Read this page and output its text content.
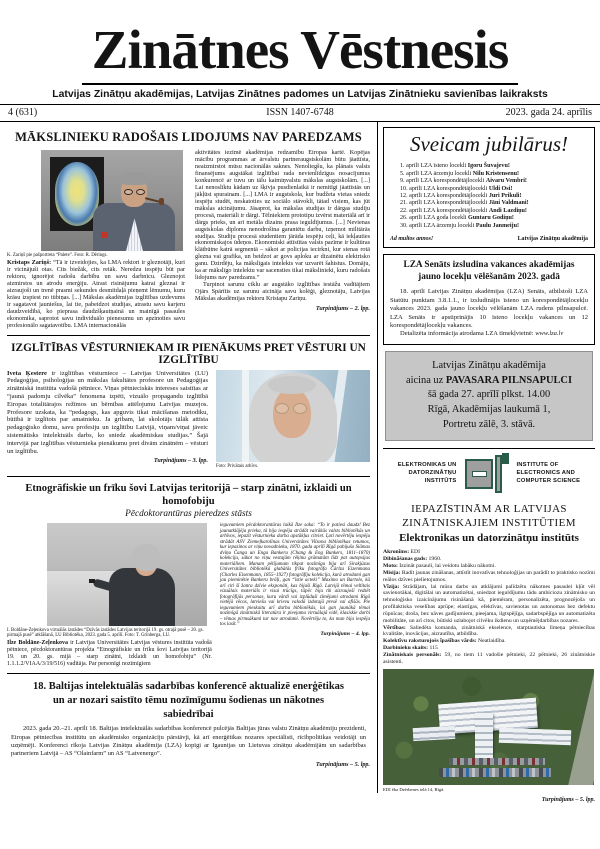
Zinātnes Vēstnesis
Latvijas Zinātņu akadēmijas, Latvijas Zinātnes padomes un Latvijas Zinātnieku savienības laikraksts
4 (631)	ISSN 1407-6748	2023. gada 24. aprīlis
MĀKSLINIEKU RADOŠAIS LIDOJUMS NAV PAREDZAMS
K. Zariņš pie pašportreta “Palete”. Foto: R. Dērings.

Kristaps Zariņš: “Tā ir izveidojies, ka LMA rektori ir gleznotāji, kuri ir vicinājuši otas. Cits biežāk, cits retāk. Neredzu iespēju būt par rektoru, ignorējot radošu darbību un savu darbnīcu. Gleznojot aizmirstos un atrodu enerģiju. Atrast risinājumu katrai gleznai ir aizraujoši un trenē prasmi sekundes desmitdaļā pieņemt lēmumu, kuru krāsu izspiest no tūbiņas. [...] Mākslas akadēmijas izglītības uzdevums ir sagatavot jauniešus, lai tie, pabeidzot studijas, atrastu savu karjeru daudzveidībā, ko pieprasa daudzšķautņainā un mainīgā pasaules ekonomika, saprotot savu individuālo pienesumu un apzinoties savu profesionālo sagatavotību. LMA internacionālās

aktivitātes iezīmē akadēmijas redzamību Eiropas kartē. Kopējas mācību programmas ar ārvalstu partneraugstskolām būtu jāattīsta, neaizmirstot mūsu nacionālās saknes. Nenoliegšu, ka plānais valsts finansējums augstākai izglītībai rada nevienlīdzīgus nosacījumus konkurencē ar tuvu un tālu kaimiņvalstu mākslas augstskolām. [...] Lai nenoslīktu kādam uz šķīvja pusdienlaikā ir nemitīgi jāattīstās un jākļūst spurainam. [...] LMA ir augstskola, kur budžeta vietas sniedz iespēju studēt, neskatoties uz sociālo stāvokli, tātad visiem, kas jūt mākslas aicinājumu. Jāsaprot, ka mākslas studijas ir dārgas studiju procesā, materiāli ir dārgi. Tēlniekiem prototipu izvērst materiālā arī ir dārgs prieks, un arī metāla dizains prasa ieguldījumus. [...] Nevienas augstskolas diploms nenodrošina garantētu darbu, izņemot militārās studijas. Studiju procesā studentiem jārāda iespēju ceļi, kā iekļauties ekonomiskajos ūdeņos. Ekonomiski attīstītas valsts pazīme ir kultūras klātbūtne katrā segmentā – sākot ar policijas iecirkni, kur sienas rotā glezna vai grafika, un beidzot ar govs aploku ar dizainētu elektrisko ganu. Dzirdēju, ka mākslīgais intelekts var uzvarēt šahistus. Domāju, ka ar mākslīgo intelektu var sacensties tikai mākslinieki, kuru radošais lidojums nav paredzams.”

Turpinot sarunu ciklu ar augstāko izglītības iestāžu vadītājiem Ojārs Spārītis uz sarunu aicināja savu kolēģi, gleznotāju, Latvijas Mākslas akadēmijas rektoru Kristapu Zariņu.

Turpinājums – 2. lpp.
IZGLĪTĪBAS VĒSTURNIEKAM IR PIENĀKUMS PRET VĒSTURI UN IZGLĪTĪBU

Iveta Ķestere ir izglītības vēsturniece – Latvijas Universitātes (LU) Pedagoģijas, psiholoģijas un mākslas fakultātes profesore un Pedagoģijas zinātniskā institūta vadošā pētniece. Viņas pētnieciskās intereses saistītas ar “jaunā padomju cilvēka” fenomena izpēti, vizuālo propagandu izglītībā Eiropas totalitārajos režīmos un bērnības attēlojumu Latvijas muzejos. Profesore uzskata, ka “pedagogs, kas apguvis tikai mācīšanas metodiku, būtībā ir izglītots par amatnieku. Ja gribam, lai skolotājs tālāk attīsta pedagoģisko domu, savu profesiju un izglītību Latvijā, viņam/viņai jāveic sistemātisks intelektuāls darbs, ko sniedz akadēmiskas studijas.” Šajā intervijā par izglītības vēsturnieka pienākumu pret divām zinātnēm – vēsturi un izglītību.

Turpinājums – 3. lpp.
Foto: Privātais arhīvs.
Etnogrāfiskie un frīku šovi Latvijas teritorijā – starp zinātni, izklaidi un homofobiju
Pēcdoktorantūras pieredzes stāsts
I. Boldāne-Zeļenkova virtuālās izstādes “Dzīvās izstādes Latvijas teritorijā 19. gs. otrajā pusē – 20. gs. pirmajā pusē” atklāšanā, LU Bibliotēka, 2023. gada 5. aprīlī. Foto: T. Grīnberga, LU.

Ilze Boldāne-Zeļenkova ir Latvijas Universitātes Latvijas vēstures institūta vadošā pētniece, pēcdoktorantūras projekta “Etnogrāfiskie un frīku šovi Latvijas teritorijā 19. un 20. gs. mijā – starp zinātni, izklaidi un homofobiju” (Nr. 1.1.1.2/VIAA/3/19/516) vadītāja. Par personīgi nozīmīgiem

ieguvumiem pēcdoktorantūras laikā Ilze saka: “To ir patiesi daudz! Bez jaunatklājēja prieka, tā bija iespēja strādāt vairākās valsts bibliotēkās un arhīvos, iepazīt vēsturnieka darba apstākļus citviet. Ļoti novērtēju iespēju strādāt ASV Ziemeļkarolīnas Universitātes Vilsona bibliotēkas retumos, kur iepazinos ar viņu novadnieku, 1870. gada aprīlī Rīgā pabijušo Siāmas dvīņu Čanga un Enga Bankeru (Chang & Eng Bunkers, 1811–1870) kolekciju, sākot no viņu vestajām rēķinu grāmatām līdz pat autopsijas materiāliem. Manam pētījumam tikpat nozīmīga bija arī Sirakjūzas Universitātes bibliotēkā glabātās frīku fotogrāfa Čārlza Eizenmana (Charles Eisenmann, 1855–1927) fotogrāfiju kolekcija, kurā atrodami gan jau pieminētie Bankeru brāļi, gan “īstie acteki” Maximo un Bartolo, kā arī citi šī žanra dzīvie eksponāti, kas bijuši Rīgā. Latvijā tēmai veltītais vizuālais materiāls ir visai trūcīgs, tāpēc bija tik aizraujoši redzēt fotogrāfijās personas, kuru vārdi vai izplūduši zīmējumi atrodami Rīgā vietējā vēcos, latviešu vai krievu valodā izdotajā presē vai afišās. Pie ieguvumiem pieskaitu arī darbu bibliotēkās, lai gan jaunākā tēmai nozīmīgā zinātniskā literatūra ir pieejama virtuālajā vidē, klasiskie darbi – tēmas pirmsākumi tur nav atrodami. Novērtēju to, ka man bija iespēja tos lasīt.”
Turpinājums – 4. lpp.
18. Baltijas intelektuālās sadarbības konferencē aktualizē enerģētikas un ar nozari saistīto tēmu nozīmīgumu šodienas un nākotnes sabiedrībai

2023. gada 20.–21. aprīlī 18. Baltijas intelektuālās sadarbības konferencē pulcējās Baltijas jūras valstu Zinātņu akadēmiju prezidenti, Eiropas pētniecības institūtu un akadēmisko organizāciju pārstāvji, kā arī enerģētikas nozares speciālisti, rīcībpolitikas veidotāji un uzņēmēji. Konferenci rīkoja Latvijas Zinātņu akadēmija (LZA) kopīgi ar Igaunijas un Lietuvas zinātņu akadēmijām un sadarbības partneriem Latvijā – AS “Olainfarm” un AS “Latvenergo”.

Turpinājums – 5. lpp.
Sveicam jubilārus!
1. aprīlī LZA īsteno locekli Igoru Šuvajevu!
5. aprīlī LZA ārzemju locekli Nilu Kristensenu!
9. aprīlī LZA korespondētājlocekli Aivaru Vembri!
10. aprīlī LZA korespondētājlocekli Uldi Osi!
12. aprīlī LZA korespondētājlocekli Juri Prikuli!
21. aprīlī LZA korespondētājlocekli Jāni Valdmani!
22. aprīlī LZA korespondētājlocekli Andi Lazdiņu!
26. aprīlī LZA goda locekli Guntaru Godiņu!
30. aprīlī LZA ārzemju locekli Paulu Janmeiju!
Ad multos annos!	Latvijas Zinātņu akadēmija
LZA Senāts izsludina vakances akadēmijas jauno locekļu vēlēšanām 2023. gadā

18. aprīlī Latvijas Zinātņu akadēmijas (LZA) Senāts, atbilstoši LZA Statūtu punktam 3.8.1.1., ir izsludinājis īsteno un korespondētājlocekļu vakances 2023. gada jauno locekļu vēlēšanām LZA rudens pilnsapulcē. LZA Senāts ir apstiprinājis 10 īsteno locekļu vakances un 12 korespondētājlocekļu vakances.

Detalizēta informācija atrodama LZA tīmekļvietnē: www.lza.lv

Latvijas Zinātņu akadēmija
aicina uz PAVASARA PILNSAPULCI
šā gada 27. aprīlī plkst. 14.00
Rīgā, Akadēmijas laukumā 1,
Portretu zālē, 3. stāvā.
ELEKTRONIKAS UN
DATORZINĀTŅU
INSTITŪTS
INSTITUTE OF
ELECTRONICS AND
COMPUTER SCIENCE
IEPAZĪSTINĀM AR LATVIJAS
ZINĀTNISKAJIEM INSTITŪTIEM
Elektronikas un datorzinātņu institūts

Akronīms: EDI

Dibināšanas gads: 1960.

Moto: Izzināt pasauli, lai veidotu labāku nākotni.

Misija: Radīt jaunas zināšanas, attīstīt inovatīvas tehnoloģijas un parādīt to praktisko nozīmi reālos dzīves pielietojumos.

Vīzija: Strādājam, lai mūsu darbs un atklājumi palīdzētu nākotnes pasaulei kļūt vēl savienotākai, digitālai un automatizētai, sniedzot ieguldījumu tādu ambiciozu zinātnisko un tehnoloģisko izaicinājumu risināšanā kā, piemēram, personalizēta, prognozējoša un profilaktiska veselības aprūpe; elastīgas, efektīvas, savienotas un autonomas bez defektu rūpnīcas; droša, bez nāves gadījumiem, pieejama, ilgtspējīga, sadarbspējīga un automatizēta mobilitāte, un arī citos, būtiski uzlabojot cilvēku ikdienu un uzņēmējdarbības nozares.

Vērtības: Saliedēta komanda, zinātniskā ekselence, starptautiska līmeņa pētniecības kvalitāte, inovācijas, aizrautība, atbildība.

Kolektīvu raksturojošs īpašības vārds: Neatlaidība.

Darbinieku skaits: 115

Zinātniskais personāls: 59, no tiem 11 vadošie pētnieki, 22 pētnieki, 26 zinātniskie asistenti.

EDI ēka Dzērbenes ielā 14, Rīgā.
Turpinājums – 5. lpp.
